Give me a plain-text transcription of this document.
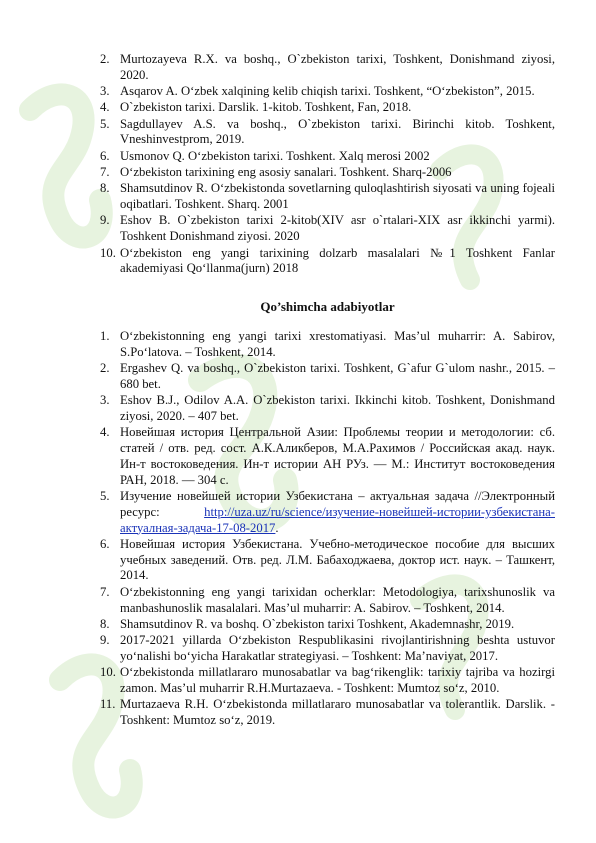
2. Murtozayeva R.X. va boshq., O`zbekiston tarixi, Toshkent, Donishmand ziyosi, 2020.
3. Asqarov A. O‘zbek xalqining kelib chiqish tarixi. Toshkent, “O‘zbekiston”, 2015.
4. O`zbekiston tarixi. Darslik. 1-kitob. Toshkent, Fan, 2018.
5. Sagdullayev A.S. va boshq., O`zbekiston tarixi. Birinchi kitob. Toshkent, Vneshinvestprom, 2019.
6. Usmonov Q. O‘zbekiston tarixi. Toshkent. Xalq merosi 2002
7. O‘zbekiston tarixining eng asosiy sanalari. Toshkent. Sharq-2006
8. Shamsutdinov R. O‘zbekistonda sovetlarning quloqlashtirish siyosati va uning fojeali oqibatlari. Toshkent. Sharq. 2001
9. Eshov B. O`zbekiston tarixi 2-kitob(XIV asr o`rtalari-XIX asr ikkinchi yarmi). Toshkent Donishmand ziyosi. 2020
10. O‘zbekiston eng yangi tarixining dolzarb masalalari №1 Toshkent Fanlar akademiyasi Qo‘llanma(jurn) 2018
Qo’shimcha adabiyotlar
1. O‘zbekistonning eng yangi tarixi xrestomatiyasi. Mas’ul muharrir: A. Sabirov, S.Po‘latova. – Toshkent, 2014.
2. Ergashev Q. va boshq., O`zbekiston tarixi. Toshkent, G`afur G`ulom nashr., 2015. – 680 bet.
3. Eshov B.J., Odilov A.A. O`zbekiston tarixi. Ikkinchi kitob. Toshkent, Donishmand ziyosi, 2020. – 407 bet.
4. Новейшая история Центральной Азии: Проблемы теории и методологии: сб. статей / отв. ред. сост. А.К.Аликберов, М.А.Рахимов / Российская акад. наук. Ин-т востоковедения. Ин-т истории АН РУз. — М.: Институт востоковедения РАН, 2018. — 304 с.
5. Изучение новейшей истории Узбекистана – актуальная задача //Электронный ресурс: http://uza.uz/ru/science/изучение-новейшей-истории-узбекистана-актуалная-задача-17-08-2017.
6. Новейшая история Узбекистана. Учебно-методическое пособие для высших учебных заведений. Отв. ред. Л.М. Бабаходжаева, доктор ист. наук. – Ташкент, 2014.
7. O‘zbekistonning eng yangi tarixidan ocherklar: Metodologiya, tarixshunoslik va manbashunoslik masalalari. Mas’ul muharrir: A. Sabirov. – Toshkent, 2014.
8. Shamsutdinov R. va boshq. O`zbekiston tarixi Toshkent, Akademnashr, 2019.
9. 2017-2021 yillarda O‘zbekiston Respublikasini rivojlantirishning beshta ustuvor yo‘nalishi bo‘yicha Harakatlar strategiyasi. – Toshkent: Ma’naviyat, 2017.
10. O‘zbekistonda millatlararo munosabatlar va bag‘rikenglik: tarixiy tajriba va hozirgi zamon. Mas’ul muharrir R.H.Murtazaeva. - Toshkent: Mumtoz so‘z, 2010.
11. Murtazaeva R.H. O‘zbekistonda millatlararo munosabatlar va tolerantlik. Darslik. - Toshkent: Mumtoz so‘z, 2019.
